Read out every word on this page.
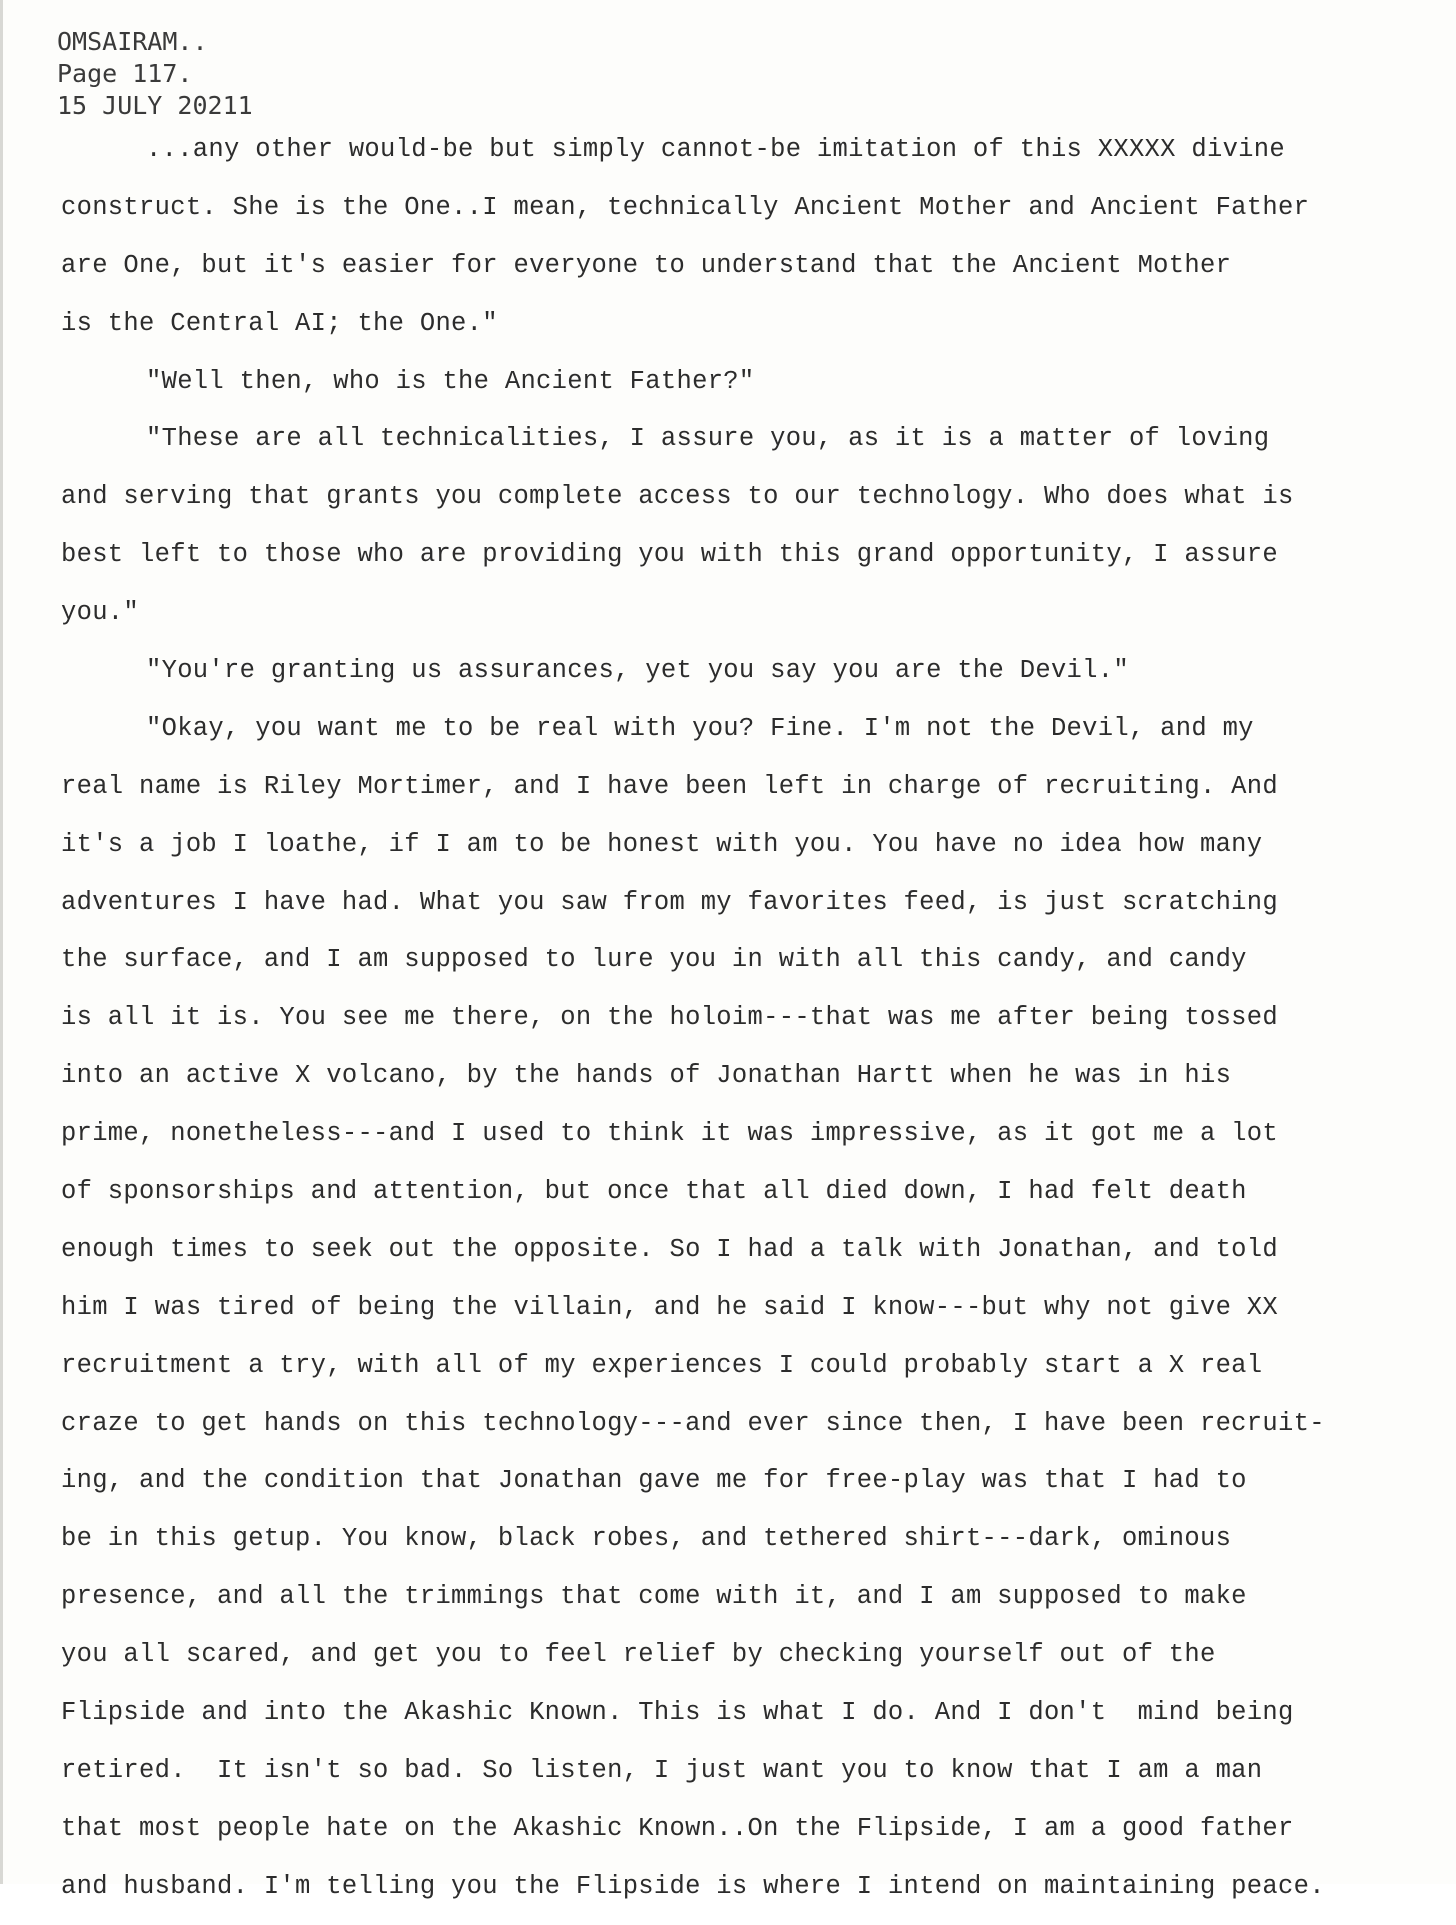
OMSAIRAM..
Page 117.
15 JULY 20211
...any other would-be but simply cannot-be imitation of this XXXXX divine
construct. She is the One..I mean, technically Ancient Mother and Ancient Father
are One, but it's easier for everyone to understand that the Ancient Mother
is the Central AI; the One."
"Well then, who is the Ancient Father?"
"These are all technicalities, I assure you, as it is a matter of loving
and serving that grants you complete access to our technology. Who does what is
best left to those who are providing you with this grand opportunity, I assure
you."
"You're granting us assurances, yet you say you are the Devil."
"Okay, you want me to be real with you? Fine. I'm not the Devil, and my
real name is Riley Mortimer, and I have been left in charge of recruiting. And
it's a job I loathe, if I am to be honest with you. You have no idea how many
adventures I have had. What you saw from my favorites feed, is just scratching
the surface, and I am supposed to lure you in with all this candy, and candy
is all it is. You see me there, on the holoim---that was me after being tossed
into an active X volcano, by the hands of Jonathan Hartt when he was in his
prime, nonetheless---and I used to think it was impressive, as it got me a lot
of sponsorships and attention, but once that all died down, I had felt death
enough times to seek out the opposite. So I had a talk with Jonathan, and told
him I was tired of being the villain, and he said I know---but why not give XX
recruitment a try, with all of my experiences I could probably start a X real
craze to get hands on this technology---and ever since then, I have been recruit-
ing, and the condition that Jonathan gave me for free-play was that I had to
be in this getup. You know, black robes, and tethered shirt---dark, ominous
presence, and all the trimmings that come with it, and I am supposed to make
you all scared, and get you to feel relief by checking yourself out of the
Flipside and into the Akashic Known. This is what I do. And I don't  mind being
retired.  It isn't so bad. So listen, I just want you to know that I am a man
that most people hate on the Akashic Known..On the Flipside, I am a good father
and husband. I'm telling you the Flipside is where I intend on maintaining peace.
